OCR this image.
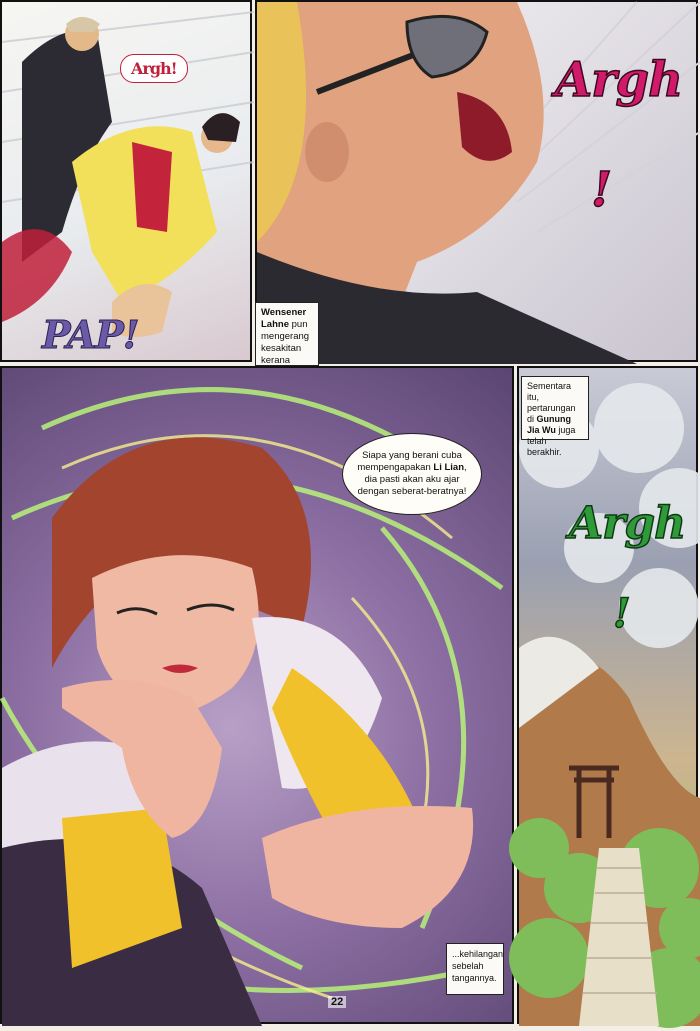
Argh!
PAP!	Wensener Lahne pun mengerang kesakitan kerana
Argh
!
Siapa yang berani cuba mempengapakan Li Lian, dia pasti akan aku ajar dengan seberat-beratnya!
...kehilangan sebelah tangannya.
Sementara itu, pertarungan di Gunung Jia Wu juga telah berakhir.
Argh
!
22
